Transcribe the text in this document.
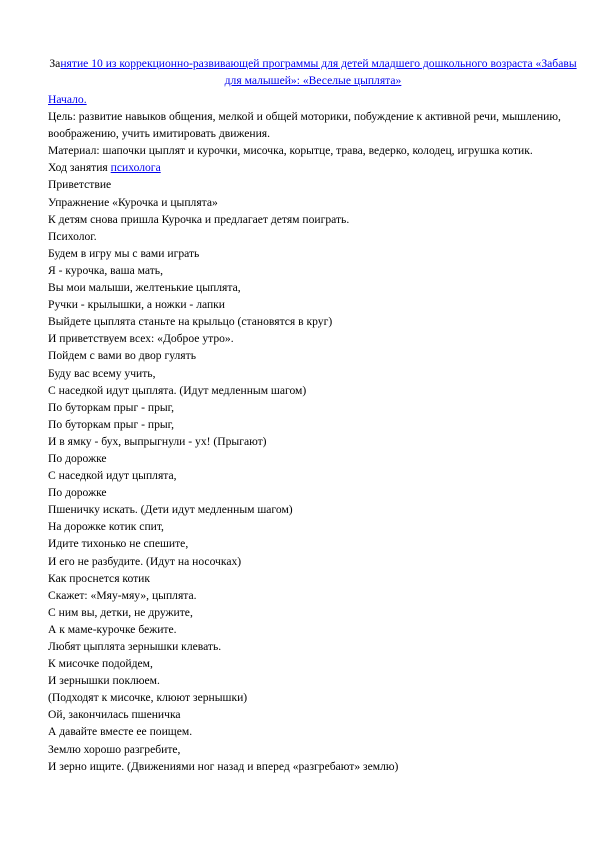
Занятие 10 из коррекционно-развивающей программы для детей младшего дошкольного возраста «Забавы для малышей»: «Веселые цыплята»
Начало.
Цель: развитие навыков общения, мелкой и общей моторики, побуждение к активной речи, мышлению, воображению, учить имитировать движения.
Материал: шапочки цыплят и курочки, мисочка, корытце, трава, ведерко, колодец, игрушка котик.
Ход занятия психолога
Приветствие
Упражнение «Курочка и цыплята»
К детям снова пришла Курочка и предлагает детям поиграть.
Психолог.
Будем в игру мы с вами играть
Я - курочка, ваша мать,
Вы мои малыши, желтенькие цыплята,
Ручки - крылышки, а ножки - лапки
Выйдете цыплята станьте на крыльцо (становятся в круг)
И приветствуем всех: «Доброе утро».
Пойдем с вами во двор гулять
Буду вас всему учить,
С наседкой идут цыплята. (Идут медленным шагом)
По буторкам прыг - прыг,
По буторкам прыг - прыг,
И в ямку - бух, выпрыгнули - ух! (Прыгают)
По дорожке
С наседкой идут цыплята,
По дорожке
Пшеничку искать. (Дети идут медленным шагом)
На дорожке котик спит,
Идите тихонько не спешите,
И его не разбудите. (Идут на носочках)
Как проснется котик
Скажет: «Мяу-мяу», цыплята.
С ним вы, детки, не дружите,
А к маме-курочке бежите.
Любят цыплята зернышки клевать.
К мисочке подойдем,
И зернышки поклюем.
(Подходят к мисочке, клюют зернышки)
Ой, закончилась пшеничка
А давайте вместе ее поищем.
Землю хорошо разгребите,
И зерно ищите. (Движениями ног назад и вперед «разгребают» землю)
